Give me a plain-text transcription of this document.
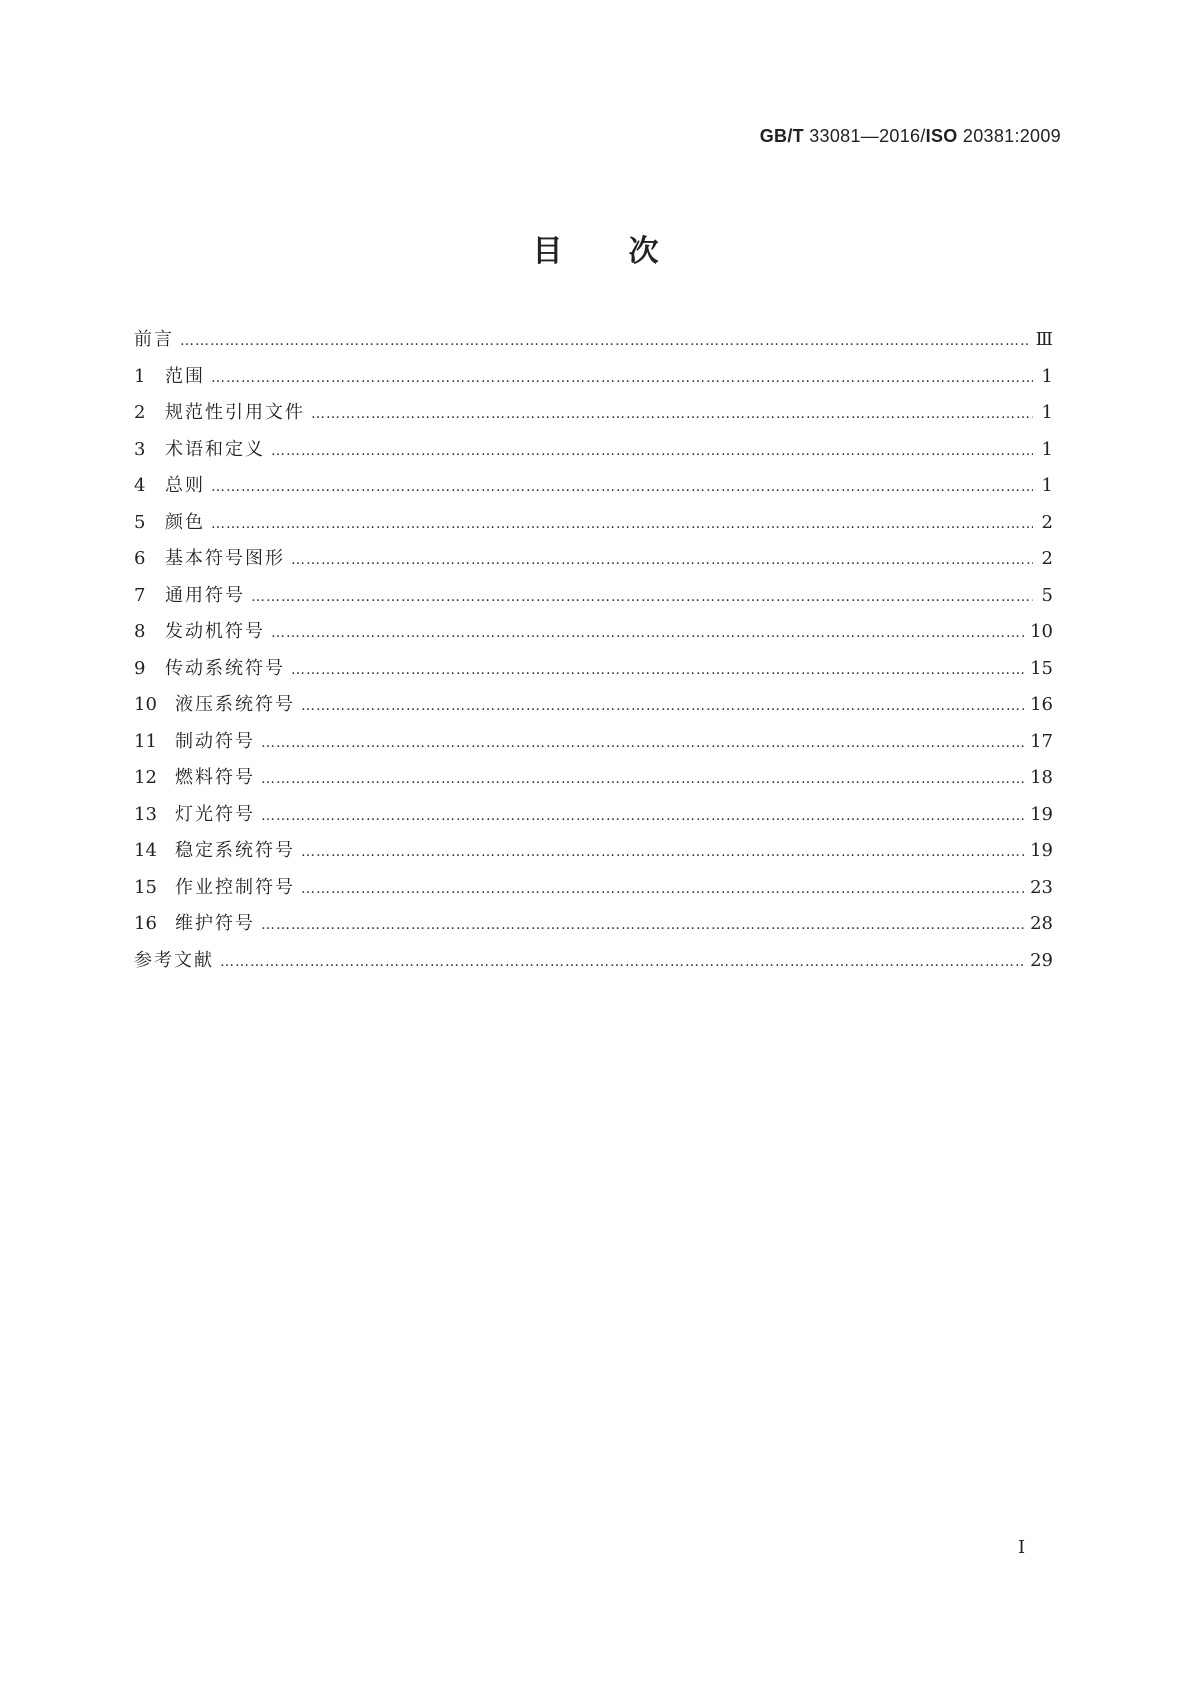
GB/T 33081—2016/ISO 20381:2009
目次
前言 …………………………………………………………………………………………………………………………………………………………………………………………………………………………………………	Ⅲ
1	范围 …………………………………………………………………………………………………………………………………………………………………………………………………………………………………………	1
2	规范性引用文件 …………………………………………………………………………………………………………………………………………………………………………………………………………………………………………	1
3	术语和定义 …………………………………………………………………………………………………………………………………………………………………………………………………………………………………………	1
4	总则 …………………………………………………………………………………………………………………………………………………………………………………………………………………………………………	1
5	颜色 …………………………………………………………………………………………………………………………………………………………………………………………………………………………………………	2
6	基本符号图形 …………………………………………………………………………………………………………………………………………………………………………………………………………………………………………	2
7	通用符号 …………………………………………………………………………………………………………………………………………………………………………………………………………………………………………	5
8	发动机符号 …………………………………………………………………………………………………………………………………………………………………………………………………………………………………………	10
9	传动系统符号 …………………………………………………………………………………………………………………………………………………………………………………………………………………………………………	15
10	液压系统符号 …………………………………………………………………………………………………………………………………………………………………………………………………………………………………………	16
11	制动符号 …………………………………………………………………………………………………………………………………………………………………………………………………………………………………………	17
12	燃料符号 …………………………………………………………………………………………………………………………………………………………………………………………………………………………………………	18
13	灯光符号 …………………………………………………………………………………………………………………………………………………………………………………………………………………………………………	19
14	稳定系统符号 …………………………………………………………………………………………………………………………………………………………………………………………………………………………………………	19
15	作业控制符号 …………………………………………………………………………………………………………………………………………………………………………………………………………………………………………	23
16	维护符号 …………………………………………………………………………………………………………………………………………………………………………………………………………………………………………	28
参考文献 …………………………………………………………………………………………………………………………………………………………………………………………………………………………………………	29
Ⅰ
